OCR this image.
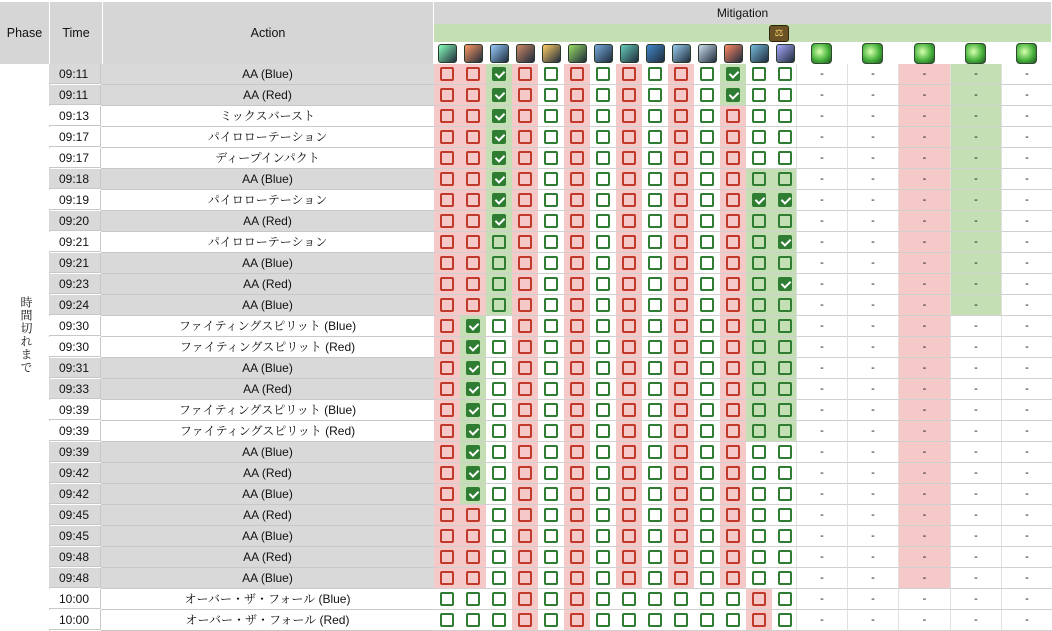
Phase Time	Action
Mitigation
⚖
時間切れまで
09:11	AA (Blue)	-	-	-	-	-
09:11	AA (Red)	-	-	-	-	-
09:13	ミックスバースト	-	-	-	-	-
09:17	パイロローテーション	-	-	-	-	-
09:17	ディープインパクト	-	-	-	-	-
09:18	AA (Blue)	-	-	-	-	-
09:19	パイロローテーション	-	-	-	-	-
09:20	AA (Red)	-	-	-	-	-
09:21	パイロローテーション	-	-	-	-	-
09:21	AA (Blue)	-	-	-	-	-
09:23	AA (Red)	-	-	-	-	-
09:24	AA (Blue)	-	-	-	-	-
09:30	ファイティングスピリット (Blue)	-	-	-	-	-
09:30	ファイティングスピリット (Red)	-	-	-	-	-
09:31	AA (Blue)	-	-	-	-	-
09:33	AA (Red)	-	-	-	-	-
09:39	ファイティングスピリット (Blue)	-	-	-	-	-
09:39	ファイティングスピリット (Red)	-	-	-	-	-
09:39	AA (Blue)	-	-	-	-	-
09:42	AA (Red)	-	-	-	-	-
09:42	AA (Blue)	-	-	-	-	-
09:45	AA (Red)	-	-	-	-	-
09:45	AA (Blue)	-	-	-	-	-
09:48	AA (Red)	-	-	-	-	-
09:48	AA (Blue)	-	-	-	-	-
10:00	オーバー・ザ・フォール (Blue)	-	-	-	-	-
10:00	オーバー・ザ・フォール (Red)	-	-	-	-	-
